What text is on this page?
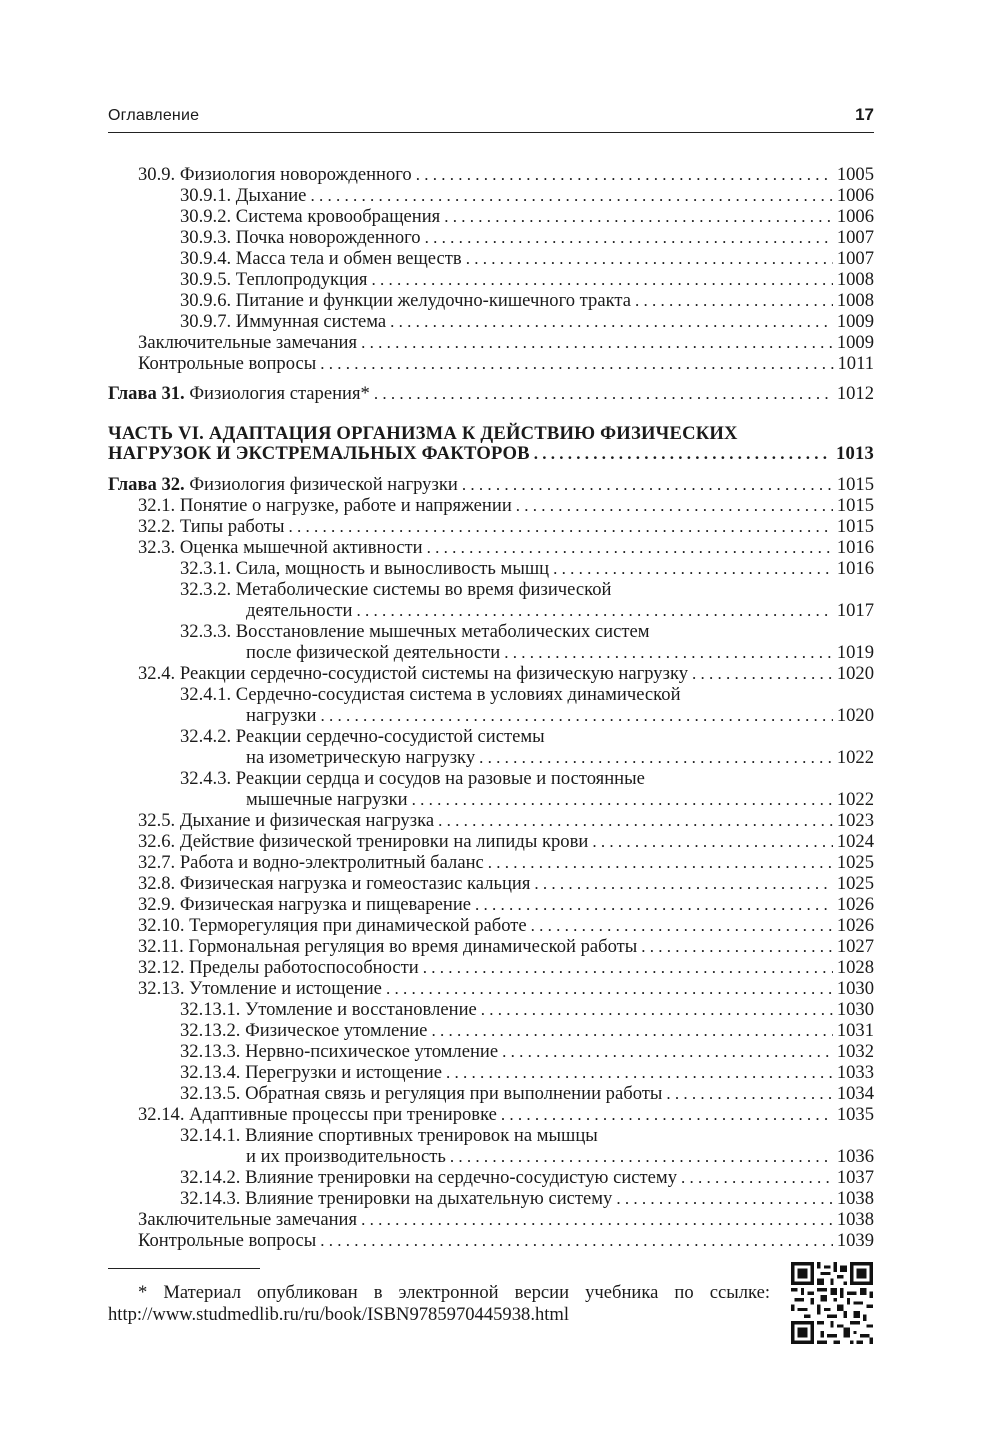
Оглавление	17
30.9. Физиология новорожденного . . .	1005
30.9.1. Дыхание . . .	1006
30.9.2. Система кровообращения . . .	1006
30.9.3. Почка новорожденного . . .	1007
30.9.4. Масса тела и обмен веществ . . .	1007
30.9.5. Теплопродукция . . .	1008
30.9.6. Питание и функции желудочно-кишечного тракта . . .	1008
30.9.7. Иммунная система . . .	1009
Заключительные замечания . . .	1009
Контрольные вопросы . . .	1011
Глава 31. Физиология старения* . . .	1012
ЧАСТЬ VI. АДАПТАЦИЯ ОРГАНИЗМА К ДЕЙСТВИЮ ФИЗИЧЕСКИХ
НАГРУЗОК И ЭКСТРЕМАЛЬНЫХ ФАКТОРОВ . . .	1013
Глава 32. Физиология физической нагрузки . . .	1015
32.1. Понятие о нагрузке, работе и напряжении . . .	1015
32.2. Типы работы . . .	1015
32.3. Оценка мышечной активности . . .	1016
32.3.1. Сила, мощность и выносливость мышц . . .	1016
32.3.2. Метаболические системы во время физической
деятельности . . .	1017
32.3.3. Восстановление мышечных метаболических систем
после физической деятельности . . .	1019
32.4. Реакции сердечно-сосудистой системы на физическую нагрузку . . .	1020
32.4.1. Сердечно-сосудистая система в условиях динамической
нагрузки . . .	1020
32.4.2. Реакции сердечно-сосудистой системы
на изометрическую нагрузку . . .	1022
32.4.3. Реакции сердца и сосудов на разовые и постоянные
мышечные нагрузки . . .	1022
32.5. Дыхание и физическая нагрузка . . .	1023
32.6. Действие физической тренировки на липиды крови . . .	1024
32.7. Работа и водно-электролитный баланс . . .	1025
32.8. Физическая нагрузка и гомеостазис кальция . . .	1025
32.9. Физическая нагрузка и пищеварение . . .	1026
32.10. Терморегуляция при динамической работе . . .	1026
32.11. Гормональная регуляция во время динамической работы . . .	1027
32.12. Пределы работоспособности . . .	1028
32.13. Утомление и истощение . . .	1030
32.13.1. Утомление и восстановление . . .	1030
32.13.2. Физическое утомление . . .	1031
32.13.3. Нервно-психическое утомление . . .	1032
32.13.4. Перегрузки и истощение . . .	1033
32.13.5. Обратная связь и регуляция при выполнении работы . . .	1034
32.14. Адаптивные процессы при тренировке . . .	1035
32.14.1. Влияние спортивных тренировок на мышцы
и их производительность . . .	1036
32.14.2. Влияние тренировки на сердечно-сосудистую систему . . .	1037
32.14.3. Влияние тренировки на дыхательную систему . . .	1038
Заключительные замечания . . .	1038
Контрольные вопросы . . .	1039
* Материал опубликован в электронной версии учебника по ссылке:
http://www.studmedlib.ru/ru/book/ISBN9785970445938.html
